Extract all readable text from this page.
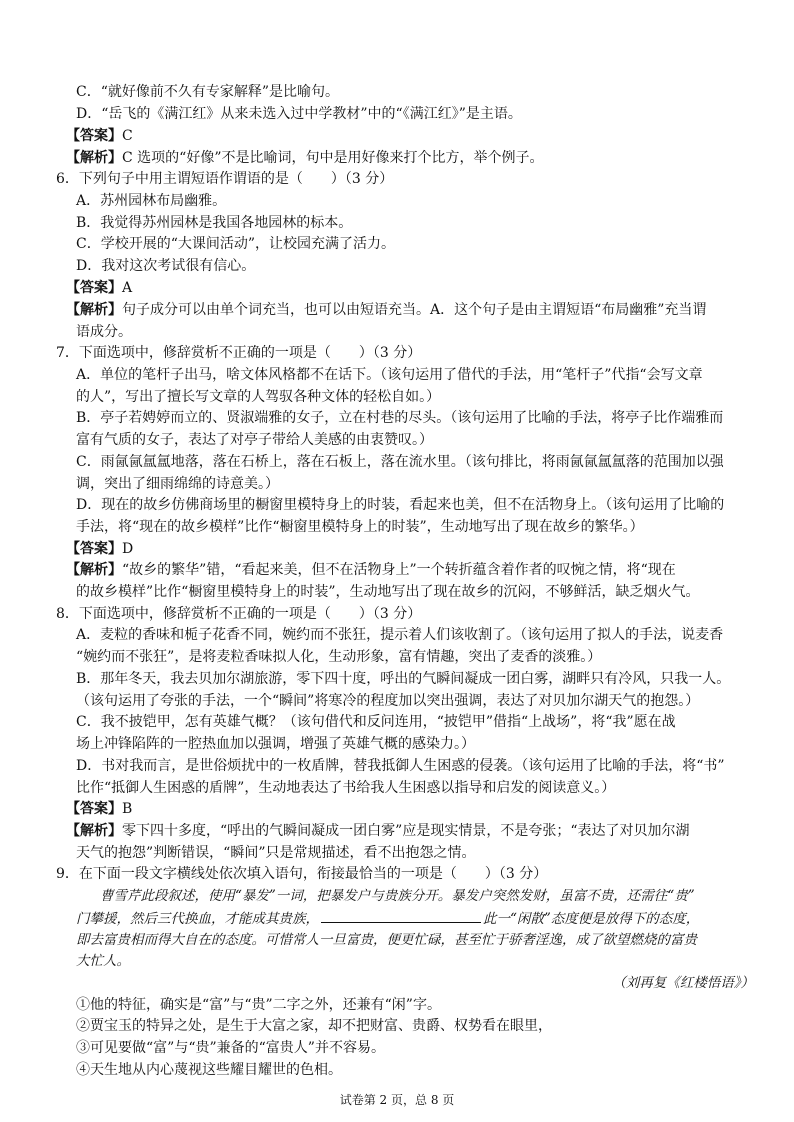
C．“就好像前不久有专家解释”是比喻句。
D．“岳飞的《满江红》从来未选入过中学教材”中的“《满江红》”是主语。
【答案】C
【解析】C 选项的“好像”不是比喻词，句中是用好像来打个比方，举个例子。
6．下列句子中用主谓短语作谓语的是（　　）（3 分）
A．苏州园林布局幽雅。
B．我觉得苏州园林是我国各地园林的标本。
C．学校开展的“大课间活动”，让校园充满了活力。
D．我对这次考试很有信心。
【答案】A
【解析】句子成分可以由单个词充当，也可以由短语充当。A．这个句子是由主谓短语“布局幽雅”充当谓
语成分。
7．下面选项中，修辞赏析不正确的一项是（　　）（3 分）
A．单位的笔杆子出马，啥文体风格都不在话下。（该句运用了借代的手法，用“笔杆子”代指“会写文章
的人”，写出了擅长写文章的人驾驭各种文体的轻松自如。）
B．亭子若娉婷而立的、贤淑端雅的女子，立在村巷的尽头。（该句运用了比喻的手法，将亭子比作端雅而
富有气质的女子，表达了对亭子带给人美感的由衷赞叹。）
C．雨氤氤氲氲地落，落在石桥上，落在石板上，落在流水里。（该句排比，将雨氤氤氲氲落的范围加以强
调，突出了细雨绵绵的诗意美。）
D．现在的故乡仿佛商场里的橱窗里模特身上的时装，看起来也美，但不在活物身上。（该句运用了比喻的
手法，将“现在的故乡模样”比作“橱窗里模特身上的时装”，生动地写出了现在故乡的繁华。）
【答案】D
【解析】“故乡的繁华”错，“看起来美，但不在活物身上”一个转折蕴含着作者的叹惋之情，将“现在
的故乡模样”比作“橱窗里模特身上的时装”，生动地写出了现在故乡的沉闷，不够鲜活，缺乏烟火气。
8．下面选项中，修辞赏析不正确的一项是（　　）（3 分）
A．麦粒的香味和栀子花香不同，婉约而不张狂，提示着人们该收割了。（该句运用了拟人的手法，说麦香
“婉约而不张狂”，是将麦粒香味拟人化，生动形象，富有情趣，突出了麦香的淡雅。）
B．那年冬天，我去贝加尔湖旅游，零下四十度，呼出的气瞬间凝成一团白雾，湖畔只有冷风，只我一人。
（该句运用了夸张的手法，一个“瞬间”将寒冷的程度加以突出强调，表达了对贝加尔湖天气的抱怨。）
C．我不披铠甲，怎有英雄气概？（该句借代和反问连用，“披铠甲”借指“上战场”，将“我”愿在战
场上冲锋陷阵的一腔热血加以强调，增强了英雄气概的感染力。）
D．书对我而言，是世俗烦扰中的一枚盾牌，替我抵御人生困惑的侵袭。（该句运用了比喻的手法，将“书”
比作“抵御人生困惑的盾牌”，生动地表达了书给我人生困惑以指导和启发的阅读意义。）
【答案】B
【解析】零下四十多度，“呼出的气瞬间凝成一团白雾”应是现实情景，不是夸张；“表达了对贝加尔湖
天气的抱怨”判断错误，“瞬间”只是常规描述，看不出抱怨之情。
9．在下面一段文字横线处依次填入语句，衔接最恰当的一项是（　　）（3 分）
曹雪芹此段叙述，使用“暴发”一词，把暴发户与贵族分开。暴发户突然发财，虽富不贵，还需往“贵”
门攀援，然后三代换血，才能成其贵族，	此一“闲散”态度便是放得下的态度，
即去富贵相而得大自在的态度。可惜常人一旦富贵，便更忙碌，甚至忙于骄奢淫逸，成了欲望燃烧的富贵
大忙人。
（刘再复《红楼悟语》）
①他的特征，确实是“富”与“贵”二字之外，还兼有“闲”字。
②贾宝玉的特异之处，是生于大富之家，却不把财富、贵爵、权势看在眼里，
③可见要做“富”与“贵”兼备的“富贵人”并不容易。
④天生地从内心蔑视这些耀目耀世的色相。
试卷第 2 页，总 8 页
